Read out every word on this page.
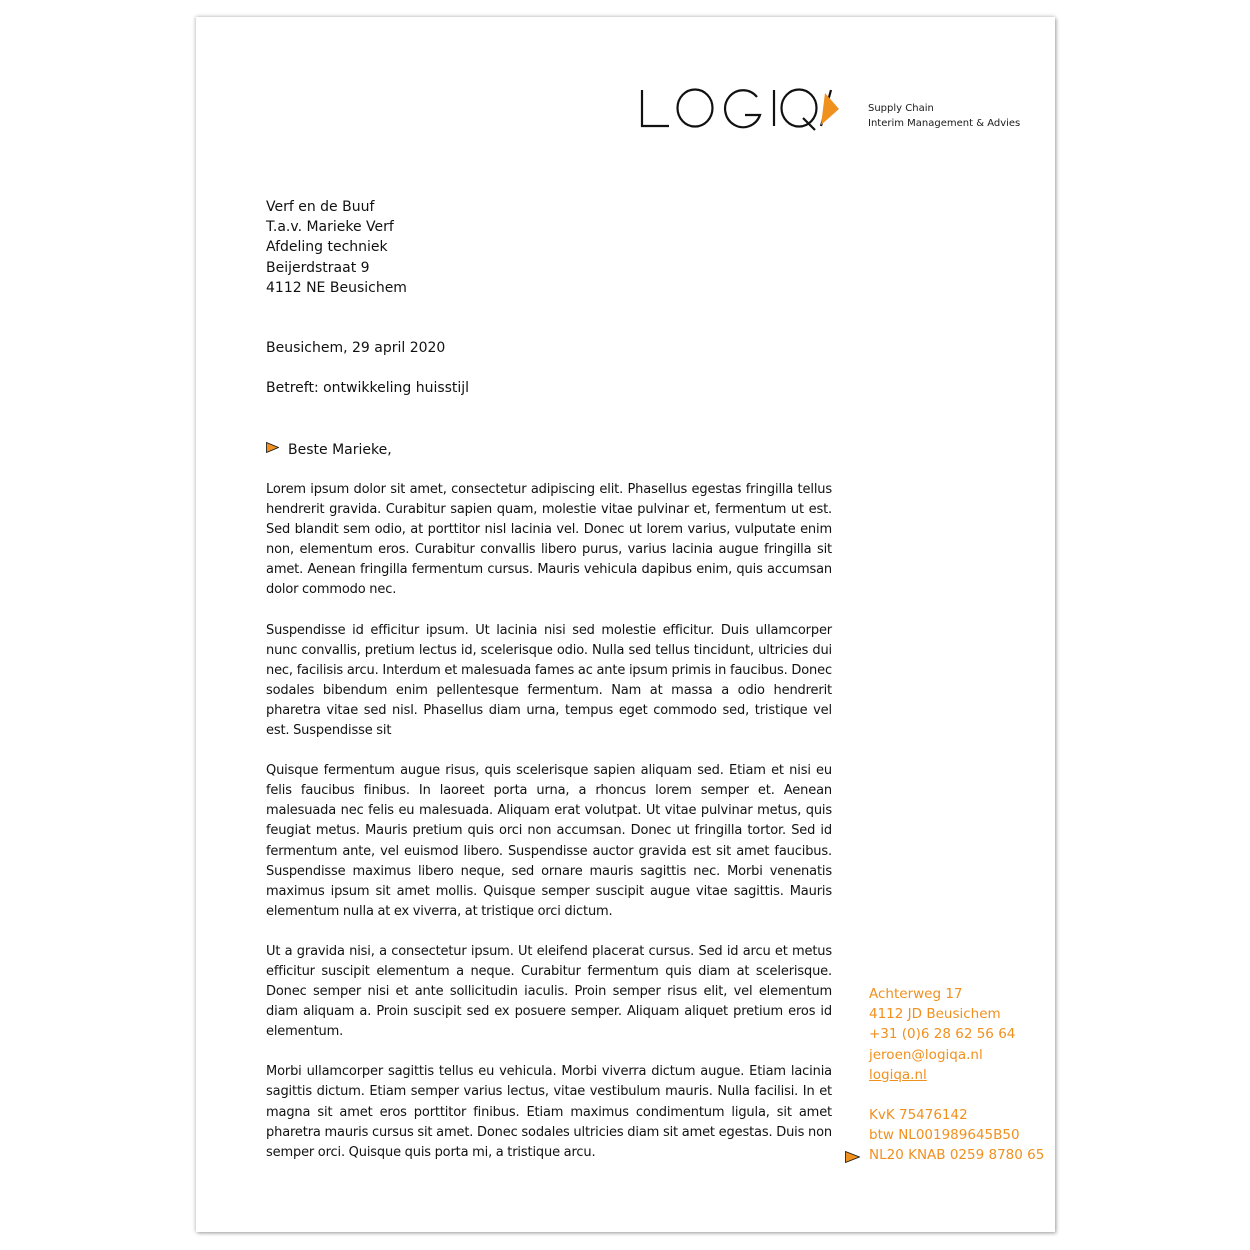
Supply Chain
Interim Management & Advies
Verf en de Buuf
T.a.v. Marieke Verf
Afdeling techniek
Beijerdstraat 9
4112 NE Beusichem
Beusichem, 29 april 2020
Betreft: ontwikkeling huisstijl
Beste Marieke,

Lorem ipsum dolor sit amet, consectetur adipiscing elit. Phasellus egestas fringilla tellus hendrerit gravida. Curabitur sapien quam, molestie vitae pulvinar et, fermentum ut est. Sed blandit sem odio, at porttitor nisl lacinia vel. Donec ut lorem varius, vulputate enim non, elementum eros. Curabitur convallis libero purus, varius lacinia augue fringilla sit amet. Aenean fringilla fermentum cursus. Mauris vehicula dapibus enim, quis accumsan dolor commodo nec.

Suspendisse id efficitur ipsum. Ut lacinia nisi sed molestie efficitur. Duis ullamcorper nunc convallis, pretium lectus id, scelerisque odio. Nulla sed tellus tincidunt, ultricies dui nec, facilisis arcu. Interdum et malesuada fames ac ante ipsum primis in faucibus. Donec sodales bibendum enim pellentesque fermentum. Nam at massa a odio hendrerit pharetra vitae sed nisl. Phasellus diam urna, tempus eget commodo sed, tristique vel est. Suspendisse sit

Quisque fermentum augue risus, quis scelerisque sapien aliquam sed. Etiam et nisi eu felis faucibus finibus. In laoreet porta urna, a rhoncus lorem semper et. Aenean malesuada nec felis eu malesuada. Aliquam erat volutpat. Ut vitae pulvinar metus, quis feugiat metus. Mauris pretium quis orci non accumsan. Donec ut fringilla tortor. Sed id fermentum ante, vel euismod libero. Suspendisse auctor gravida est sit amet faucibus. Suspendisse maximus libero neque, sed ornare mauris sagittis nec. Morbi venenatis maximus ipsum sit amet mollis. Quisque semper suscipit augue vitae sagittis. Mauris elementum nulla at ex viverra, at tristique orci dictum.

Ut a gravida nisi, a consectetur ipsum. Ut eleifend placerat cursus. Sed id arcu et metus efficitur suscipit elementum a neque. Curabitur fermentum quis diam at scelerisque. Donec semper nisi et ante sollicitudin iaculis. Proin semper risus elit, vel elementum diam aliquam a. Proin suscipit sed ex posuere semper. Aliquam aliquet pretium eros id elementum.

Morbi ullamcorper sagittis tellus eu vehicula. Morbi viverra dictum augue. Etiam lacinia sagittis dictum. Etiam semper varius lectus, vitae vestibulum mauris. Nulla facilisi. In et magna sit amet eros porttitor finibus. Etiam maximus condimentum ligula, sit amet pharetra mauris cursus sit amet. Donec sodales ultricies diam sit amet egestas. Duis non semper orci. Quisque quis porta mi, a tristique arcu.

Achterweg 17
4112 JD Beusichem
+31 (0)6 28 62 56 64
jeroen@logiqa.nl
logiqa.nl
KvK 75476142
btw NL001989645B50
NL20 KNAB 0259 8780 65
